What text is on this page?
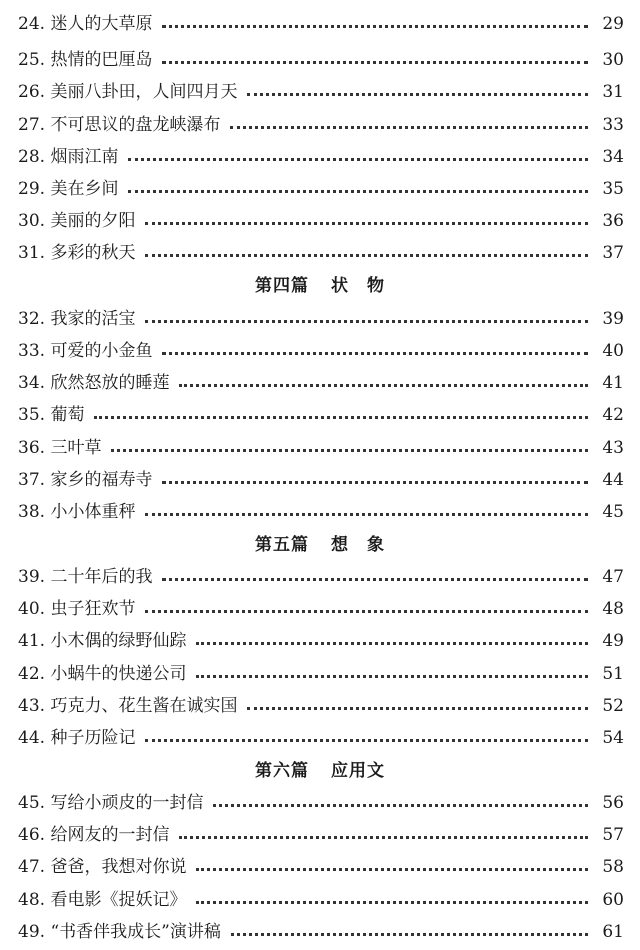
24. 迷人的大草原	29
25. 热情的巴厘岛	30
26. 美丽八卦田，人间四月天	31
27. 不可思议的盘龙峡瀑布	33
28. 烟雨江南	34
29. 美在乡间	35
30. 美丽的夕阳	36
31. 多彩的秋天	37
第四篇 状　物
32. 我家的活宝	39
33. 可爱的小金鱼	40
34. 欣然怒放的睡莲	41
35. 葡萄	42
36. 三叶草	43
37. 家乡的福寿寺	44
38. 小小体重秤	45
第五篇 想　象
39. 二十年后的我	47
40. 虫子狂欢节	48
41. 小木偶的绿野仙踪	49
42. 小蜗牛的快递公司	51
43. 巧克力、花生酱在诚实国	52
44. 种子历险记	54
第六篇 应用文
45. 写给小顽皮的一封信	56
46. 给网友的一封信	57
47. 爸爸，我想对你说	58
48. 看电影《捉妖记》	60
49. “书香伴我成长”演讲稿	61
